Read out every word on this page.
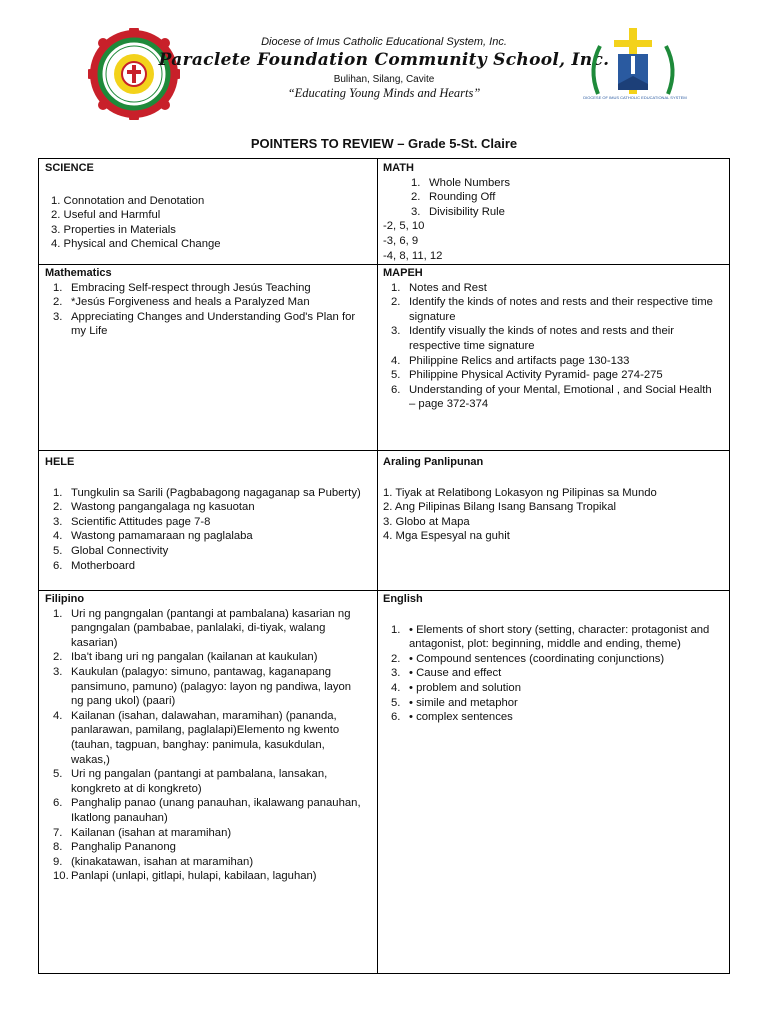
Diocese of Imus Catholic Educational System, Inc.
Paraclete Foundation Community School, Inc.
Bulihan, Silang, Cavite
“Educating Young Minds and Hearts”	DIOCESE OF IMUS CATHOLIC EDUCATIONAL SYSTEM
POINTERS TO REVIEW – Grade 5-St. Claire
SCIENCE
1. Connotation and Denotation
2. Useful and Harmful
3. Properties in Materials
4. Physical and Chemical Change
MATH
1. Whole Numbers
2. Rounding Off
3. Divisibility Rule
-2, 5, 10
-3, 6, 9
-4, 8, 11, 12
Mathematics
1. Embracing Self-respect through Jesús Teaching
2. *Jesús Forgiveness and heals a Paralyzed Man
3. Appreciating Changes and Understanding God's Plan for my Life
MAPEH
1. Notes and Rest
2. Identify the kinds of notes and rests and their respective time signature
3. Identify visually the kinds of notes and rests and their respective time signature
4. Philippine Relics and artifacts page 130-133
5. Philippine Physical Activity Pyramid- page 274-275
6. Understanding of your Mental, Emotional , and Social Health – page 372-374
HELE
1. Tungkulin sa Sarili (Pagbabagong nagaganap sa Puberty)
2. Wastong pangangalaga ng kasuotan
3. Scientific Attitudes page 7-8
4. Wastong pamamaraan ng paglalaba
5. Global Connectivity
6. Motherboard
Araling Panlipunan
1. Tiyak at Relatibong Lokasyon ng Pilipinas sa Mundo
2. Ang Pilipinas Bilang Isang Bansang Tropikal
3. Globo at Mapa
4. Mga Espesyal na guhit
Filipino
1. Uri ng pangngalan (pantangi at pambalana) kasarian ng pangngalan (pambabae, panlalaki, di-tiyak, walang kasarian)
2. Iba't ibang uri ng pangalan (kailanan at kaukulan)
3. Kaukulan (palagyo: simuno, pantawag, kaganapang pansimuno, pamuno) (palagyo: layon ng pandiwa, layon ng pang ukol) (paari)
4. Kailanan (isahan, dalawahan, maramihan) (pananda, panlarawan, pamilang, paglalapi)Elemento ng kwento (tauhan, tagpuan, banghay: panimula, kasukdulan, wakas,)
5. Uri ng pangalan (pantangi at pambalana, lansakan, kongkreto at di kongkreto)
6. Panghalip panao (unang panauhan, ikalawang panauhan, Ikatlong panauhan)
7. Kailanan (isahan at maramihan)
8. Panghalip Pananong
9. (kinakatawan, isahan at maramihan)
10. Panlapi (unlapi, gitlapi, hulapi, kabilaan, laguhan)
English
1. • Elements of short story (setting, character: protagonist and antagonist, plot: beginning, middle and ending, theme)
2. • Compound sentences (coordinating conjunctions)
3. • Cause and effect
4. • problem and solution
5. • simile and metaphor
6. • complex sentences
